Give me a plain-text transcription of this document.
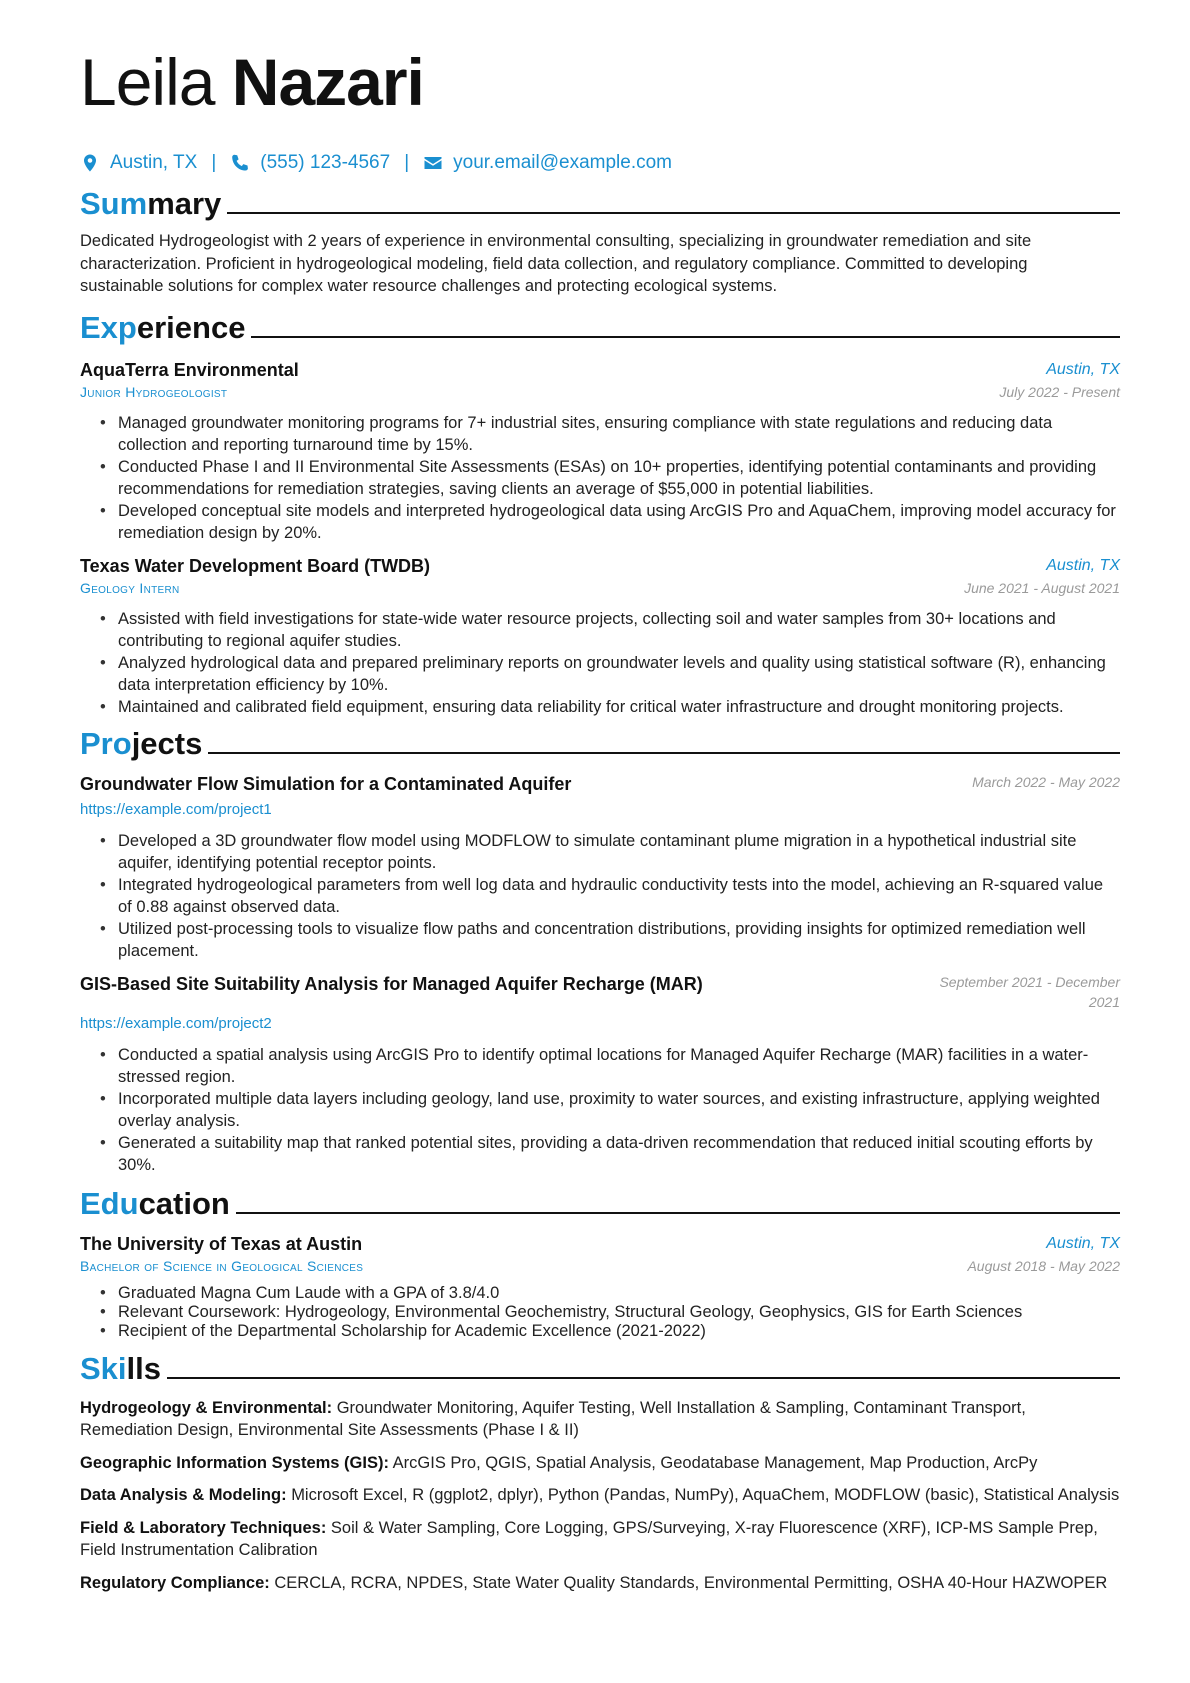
Leila Nazari
Austin, TX | (555) 123-4567 | your.email@example.com
Summary

Dedicated Hydrogeologist with 2 years of experience in environmental consulting, specializing in groundwater remediation and site characterization. Proficient in hydrogeological modeling, field data collection, and regulatory compliance. Committed to developing sustainable solutions for complex water resource challenges and protecting ecological systems.

Experience
AquaTerra Environmental	Austin, TX
Junior Hydrogeologist	July 2022 - Present
• Managed groundwater monitoring programs for 7+ industrial sites, ensuring compliance with state regulations and reducing data collection and reporting turnaround time by 15%.
• Conducted Phase I and II Environmental Site Assessments (ESAs) on 10+ properties, identifying potential contaminants and providing recommendations for remediation strategies, saving clients an average of $55,000 in potential liabilities.
• Developed conceptual site models and interpreted hydrogeological data using ArcGIS Pro and AquaChem, improving model accuracy for remediation design by 20%.
Texas Water Development Board (TWDB)	Austin, TX
Geology Intern	June 2021 - August 2021
• Assisted with field investigations for state-wide water resource projects, collecting soil and water samples from 30+ locations and contributing to regional aquifer studies.
• Analyzed hydrological data and prepared preliminary reports on groundwater levels and quality using statistical software (R), enhancing data interpretation efficiency by 10%.
• Maintained and calibrated field equipment, ensuring data reliability for critical water infrastructure and drought monitoring projects.
Projects
Groundwater Flow Simulation for a Contaminated Aquifer	March 2022 - May 2022
https://example.com/project1
• Developed a 3D groundwater flow model using MODFLOW to simulate contaminant plume migration in a hypothetical industrial site aquifer, identifying potential receptor points.
• Integrated hydrogeological parameters from well log data and hydraulic conductivity tests into the model, achieving an R-squared value of 0.88 against observed data.
• Utilized post-processing tools to visualize flow paths and concentration distributions, providing insights for optimized remediation well placement.
GIS-Based Site Suitability Analysis for Managed Aquifer Recharge (MAR)	September 2021 - December 2021
https://example.com/project2
• Conducted a spatial analysis using ArcGIS Pro to identify optimal locations for Managed Aquifer Recharge (MAR) facilities in a water-stressed region.
• Incorporated multiple data layers including geology, land use, proximity to water sources, and existing infrastructure, applying weighted overlay analysis.
• Generated a suitability map that ranked potential sites, providing a data-driven recommendation that reduced initial scouting efforts by 30%.
Education
The University of Texas at Austin	Austin, TX
Bachelor of Science in Geological Sciences	August 2018 - May 2022
• Graduated Magna Cum Laude with a GPA of 3.8/4.0
• Relevant Coursework: Hydrogeology, Environmental Geochemistry, Structural Geology, Geophysics, GIS for Earth Sciences
• Recipient of the Departmental Scholarship for Academic Excellence (2021-2022)
Skills
Hydrogeology & Environmental: Groundwater Monitoring, Aquifer Testing, Well Installation & Sampling, Contaminant Transport, Remediation Design, Environmental Site Assessments (Phase I & II)
Geographic Information Systems (GIS): ArcGIS Pro, QGIS, Spatial Analysis, Geodatabase Management, Map Production, ArcPy
Data Analysis & Modeling: Microsoft Excel, R (ggplot2, dplyr), Python (Pandas, NumPy), AquaChem, MODFLOW (basic), Statistical Analysis
Field & Laboratory Techniques: Soil & Water Sampling, Core Logging, GPS/Surveying, X-ray Fluorescence (XRF), ICP-MS Sample Prep, Field Instrumentation Calibration
Regulatory Compliance: CERCLA, RCRA, NPDES, State Water Quality Standards, Environmental Permitting, OSHA 40-Hour HAZWOPER
